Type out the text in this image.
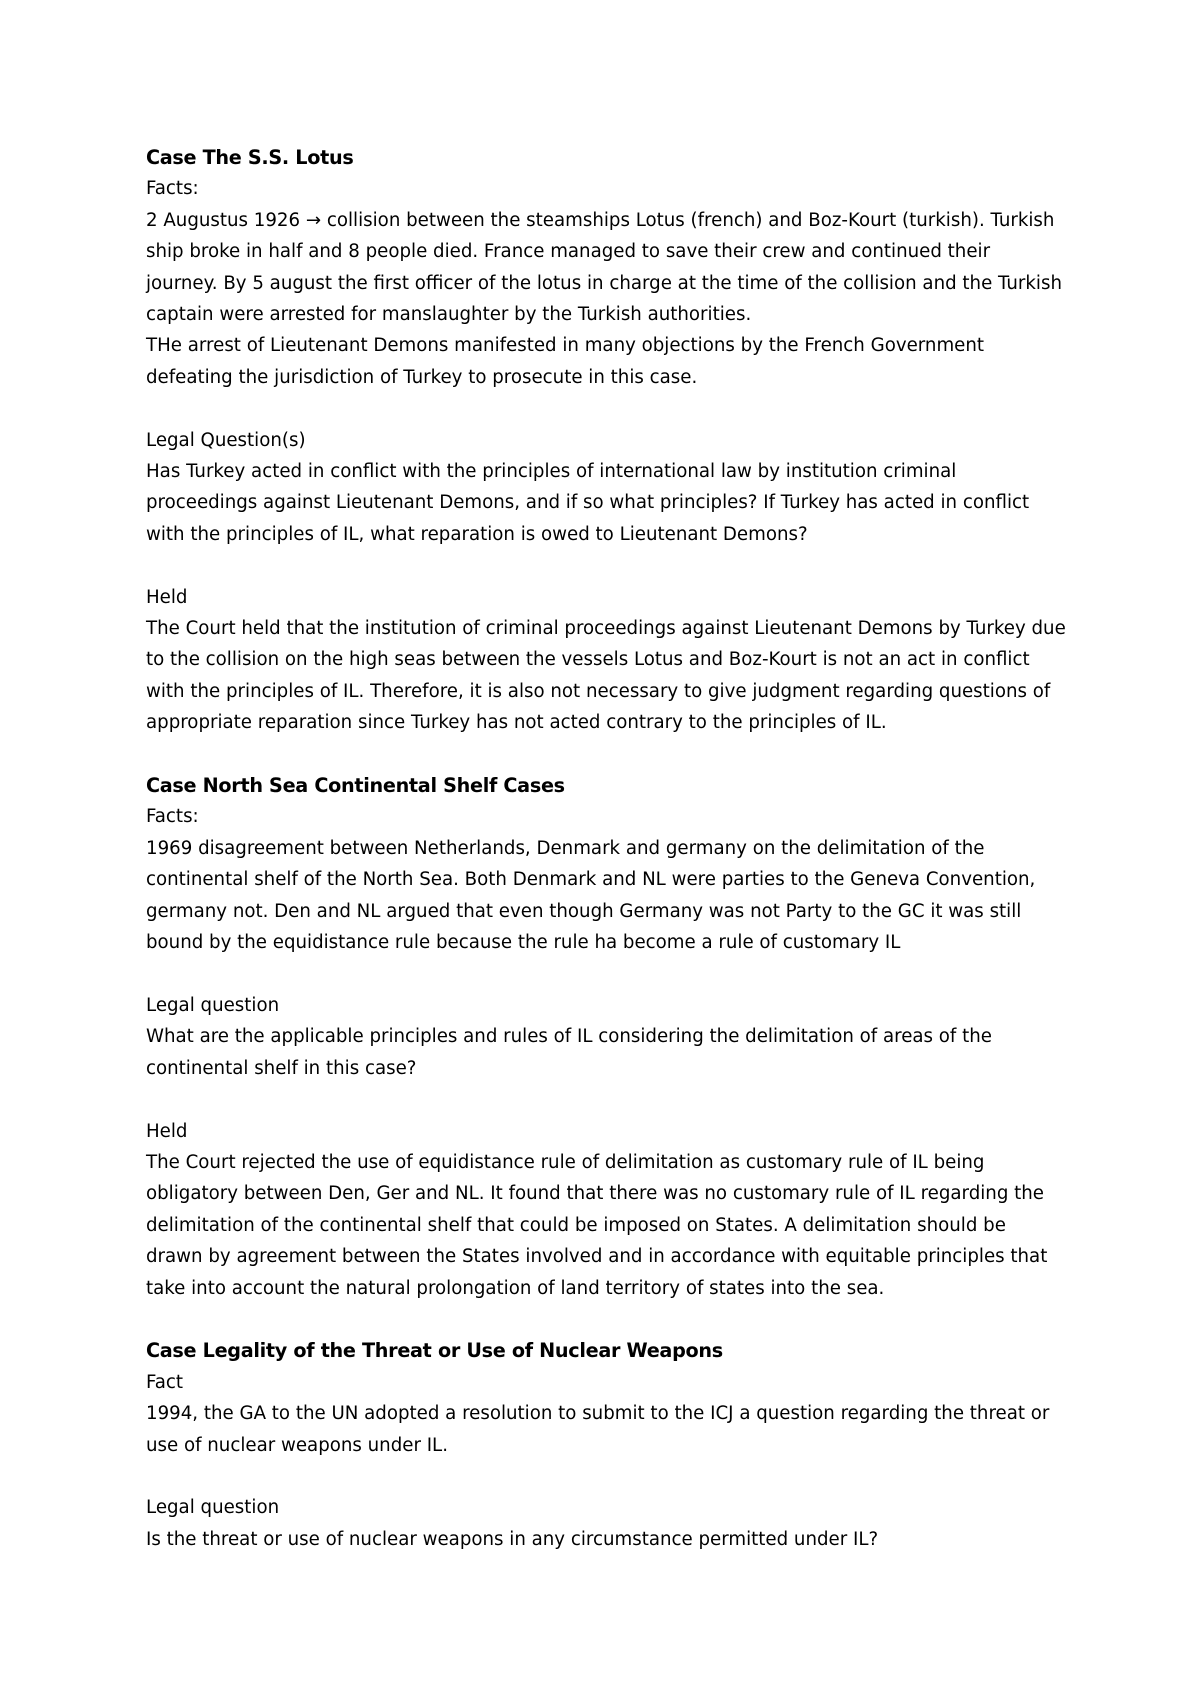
Case The S.S. Lotus
Facts:
2 Augustus 1926 → collision between the steamships Lotus (french) and Boz-Kourt (turkish). Turkish
ship broke in half and 8 people died. France managed to save their crew and continued their
journey. By 5 august the first officer of the lotus in charge at the time of the collision and the Turkish
captain were arrested for manslaughter by the Turkish authorities.
THe arrest of Lieutenant Demons manifested in many objections by the French Government
defeating the jurisdiction of Turkey to prosecute in this case.
Legal Question(s)
Has Turkey acted in conflict with the principles of international law by institution criminal
proceedings against Lieutenant Demons, and if so what principles? If Turkey has acted in conflict
with the principles of IL, what reparation is owed to Lieutenant Demons?
Held
The Court held that the institution of criminal proceedings against Lieutenant Demons by Turkey due
to the collision on the high seas between the vessels Lotus and Boz-Kourt is not an act in conflict
with the principles of IL. Therefore, it is also not necessary to give judgment regarding questions of
appropriate reparation since Turkey has not acted contrary to the principles of IL.
Case North Sea Continental Shelf Cases
Facts:
1969 disagreement between Netherlands, Denmark and germany on the delimitation of the
continental shelf of the North Sea. Both Denmark and NL were parties to the Geneva Convention,
germany not. Den and NL argued that even though Germany was not Party to the GC it was still
bound by the equidistance rule because the rule ha become a rule of customary IL
Legal question
What are the applicable principles and rules of IL considering the delimitation of areas of the
continental shelf in this case?
Held
The Court rejected the use of equidistance rule of delimitation as customary rule of IL being
obligatory between Den, Ger and NL. It found that there was no customary rule of IL regarding the
delimitation of the continental shelf that could be imposed on States. A delimitation should be
drawn by agreement between the States involved and in accordance with equitable principles that
take into account the natural prolongation of land territory of states into the sea.
Case Legality of the Threat or Use of Nuclear Weapons
Fact
1994, the GA to the UN adopted a resolution to submit to the ICJ a question regarding the threat or
use of nuclear weapons under IL.
Legal question
Is the threat or use of nuclear weapons in any circumstance permitted under IL?
